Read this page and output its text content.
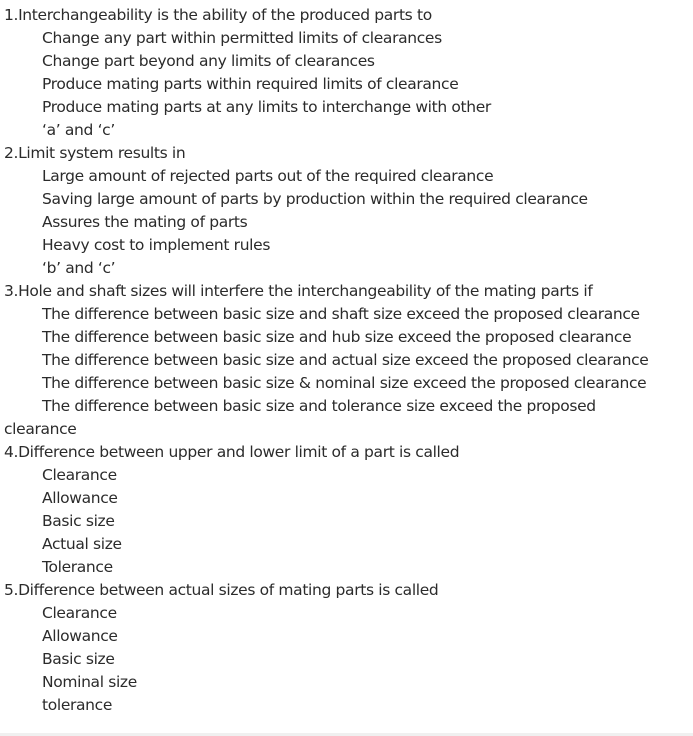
1.Interchangeability is the ability of the produced parts to
Change any part within permitted limits of clearances
Change part beyond any limits of clearances
Produce mating parts within required limits of clearance
Produce mating parts at any limits to interchange with other
‘a’ and ‘c’
2.Limit system results in
Large amount of rejected parts out of the required clearance
Saving large amount of parts by production within the required clearance
Assures the mating of parts
Heavy cost to implement rules
‘b’ and ‘c’
3.Hole and shaft sizes will interfere the interchangeability of the mating parts if
The difference between basic size and shaft size exceed the proposed clearance
The difference between basic size and hub size exceed the proposed clearance
The difference between basic size and actual size exceed the proposed clearance
The difference between basic size & nominal size exceed the proposed clearance
The difference between basic size and tolerance size exceed the proposed
clearance
4.Difference between upper and lower limit of a part is called
Clearance
Allowance
Basic size
Actual size
Tolerance
5.Difference between actual sizes of mating parts is called
Clearance
Allowance
Basic size
Nominal size
tolerance
